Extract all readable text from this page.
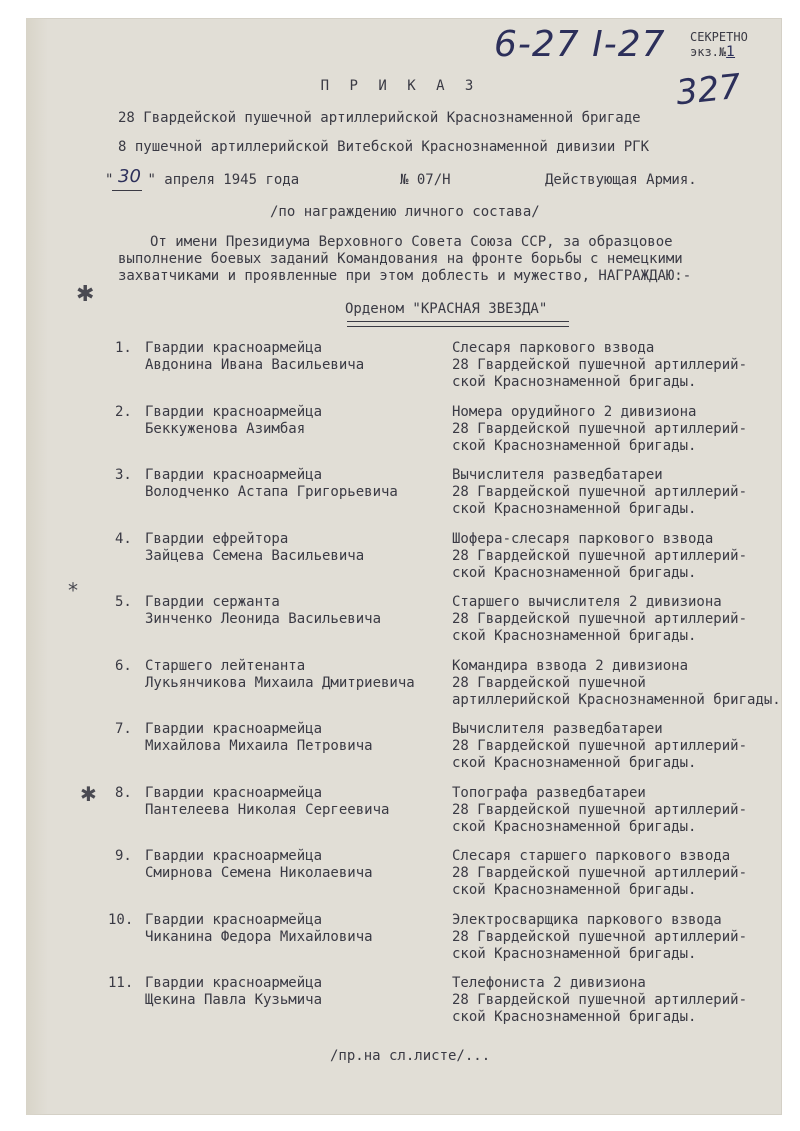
СЕКРЕТНО
экз.№1
6-27 I-27
327
П Р И К А З
28 Гвардейской пушечной артиллерийской Краснознаменной бригаде
8 пушечной артиллерийской Витебской Краснознаменной дивизии РГК
" " апреля 1945 года
30	№ 07/Н	Действующая Армия.
/по награждению личного состава/
От имени Президиума Верховного Совета Союза ССР, за образцовое
выполнение боевых заданий Командования на фронте борьбы с немецкими
захватчиками и проявленные при этом доблесть и мужество, НАГРАЖДАЮ:-
Орденом "КРАСНАЯ ЗВЕЗДА"
1. Гвардии красноармейца
Авдонина Ивана Васильевича
Слесаря паркового взвода
28 Гвардейской пушечной артиллерий-
ской Краснознаменной бригады.
2. Гвардии красноармейца
Беккуженова Азимбая
Номера орудийного 2 дивизиона
28 Гвардейской пушечной артиллерий-
ской Краснознаменной бригады.
3. Гвардии красноармейца
Володченко Астапа Григорьевича
Вычислителя разведбатареи
28 Гвардейской пушечной артиллерий-
ской Краснознаменной бригады.
4. Гвардии ефрейтора
Зайцева Семена Васильевича
Шофера-слесаря паркового взвода
28 Гвардейской пушечной артиллерий-
ской Краснознаменной бригады.
5. Гвардии сержанта
Зинченко Леонида Васильевича
Старшего вычислителя 2 дивизиона
28 Гвардейской пушечной артиллерий-
ской Краснознаменной бригады.
6. Старшего лейтенанта
Лукьянчикова Михаила Дмитриевича
Командира взвода 2 дивизиона
28 Гвардейской пушечной
артиллерийской Краснознаменной бригады.
7. Гвардии красноармейца
Михайлова Михаила Петровича
Вычислителя разведбатареи
28 Гвардейской пушечной артиллерий-
ской Краснознаменной бригады.
8. Гвардии красноармейца
Пантелеева Николая Сергеевича
Топографа разведбатареи
28 Гвардейской пушечной артиллерий-
ской Краснознаменной бригады.
9. Гвардии красноармейца
Смирнова Семена Николаевича
Слесаря старшего паркового взвода
28 Гвардейской пушечной артиллерий-
ской Краснознаменной бригады.
10. Гвардии красноармейца
Чиканина Федора Михайловича
Электросварщика паркового взвода
28 Гвардейской пушечной артиллерий-
ской Краснознаменной бригады.
11. Гвардии красноармейца
Щекина Павла Кузьмича
Телефониста 2 дивизиона
28 Гвардейской пушечной артиллерий-
ской Краснознаменной бригады.
✱
⁎
✱
/пр.на сл.листе/...
